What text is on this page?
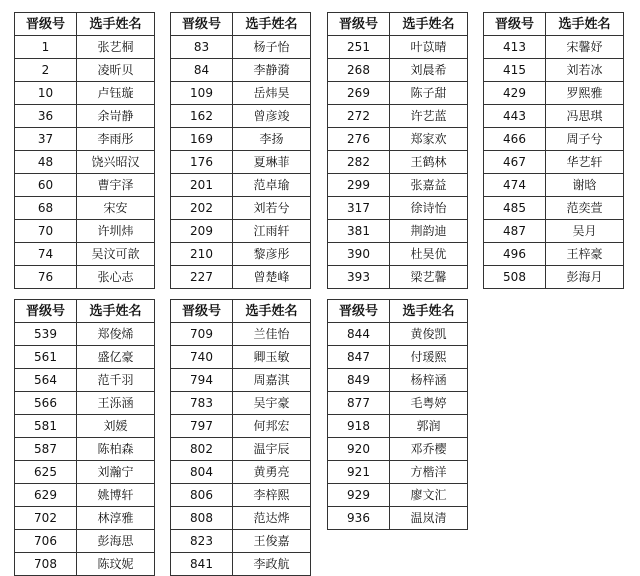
晋级号	选手姓名
1	张艺桐
2	凌昕贝
10	卢钰璇
36	余岢静
37	李雨彤
48	饶兴昭汉
60	曹宇泽
68	宋安
70	许圳炜
74	吴汶可歆
76	张心志
晋级号	选手姓名
83	杨子怡
84	李静漪
109	岳炜昊
162	曾彦竣
169	李扬
176	夏琳菲
201	范卓瑜
202	刘若兮
209	江雨轩
210	黎彦彤
227	曾楚峰
晋级号	选手姓名
251	叶苡晴
268	刘晨希
269	陈子甜
272	许艺蓝
276	郑家欢
282	王鹤林
299	张嘉益
317	徐诗怡
381	荆韵迪
390	杜昊优
393	梁艺馨
晋级号	选手姓名
413	宋馨妤
415	刘若冰
429	罗熙雅
443	冯思琪
466	周子兮
467	华艺轩
474	谢晗
485	范奕萱
487	吴月
496	王梓豪
508	彭海月
晋级号	选手姓名
539	郑俊烯
561	盛亿豪
564	范千羽
566	王泺涵
581	刘媛
587	陈柏森
625	刘瀚宁
629	姚博轩
702	林淳雅
706	彭海思
708	陈玟妮
晋级号	选手姓名
709	兰佳怡
740	卿玉敏
794	周嘉淇
783	吴宇豪
797	何邦宏
802	温宇辰
804	黄勇亮
806	李梓熙
808	范达烨
823	王俊嘉
841	李政航
晋级号	选手姓名
844	黄俊凯
847	付瑗熙
849	杨梓涵
877	毛粤婷
918	郭润
920	邓乔樱
921	方楷洋
929	廖文汇
936	温岚清
